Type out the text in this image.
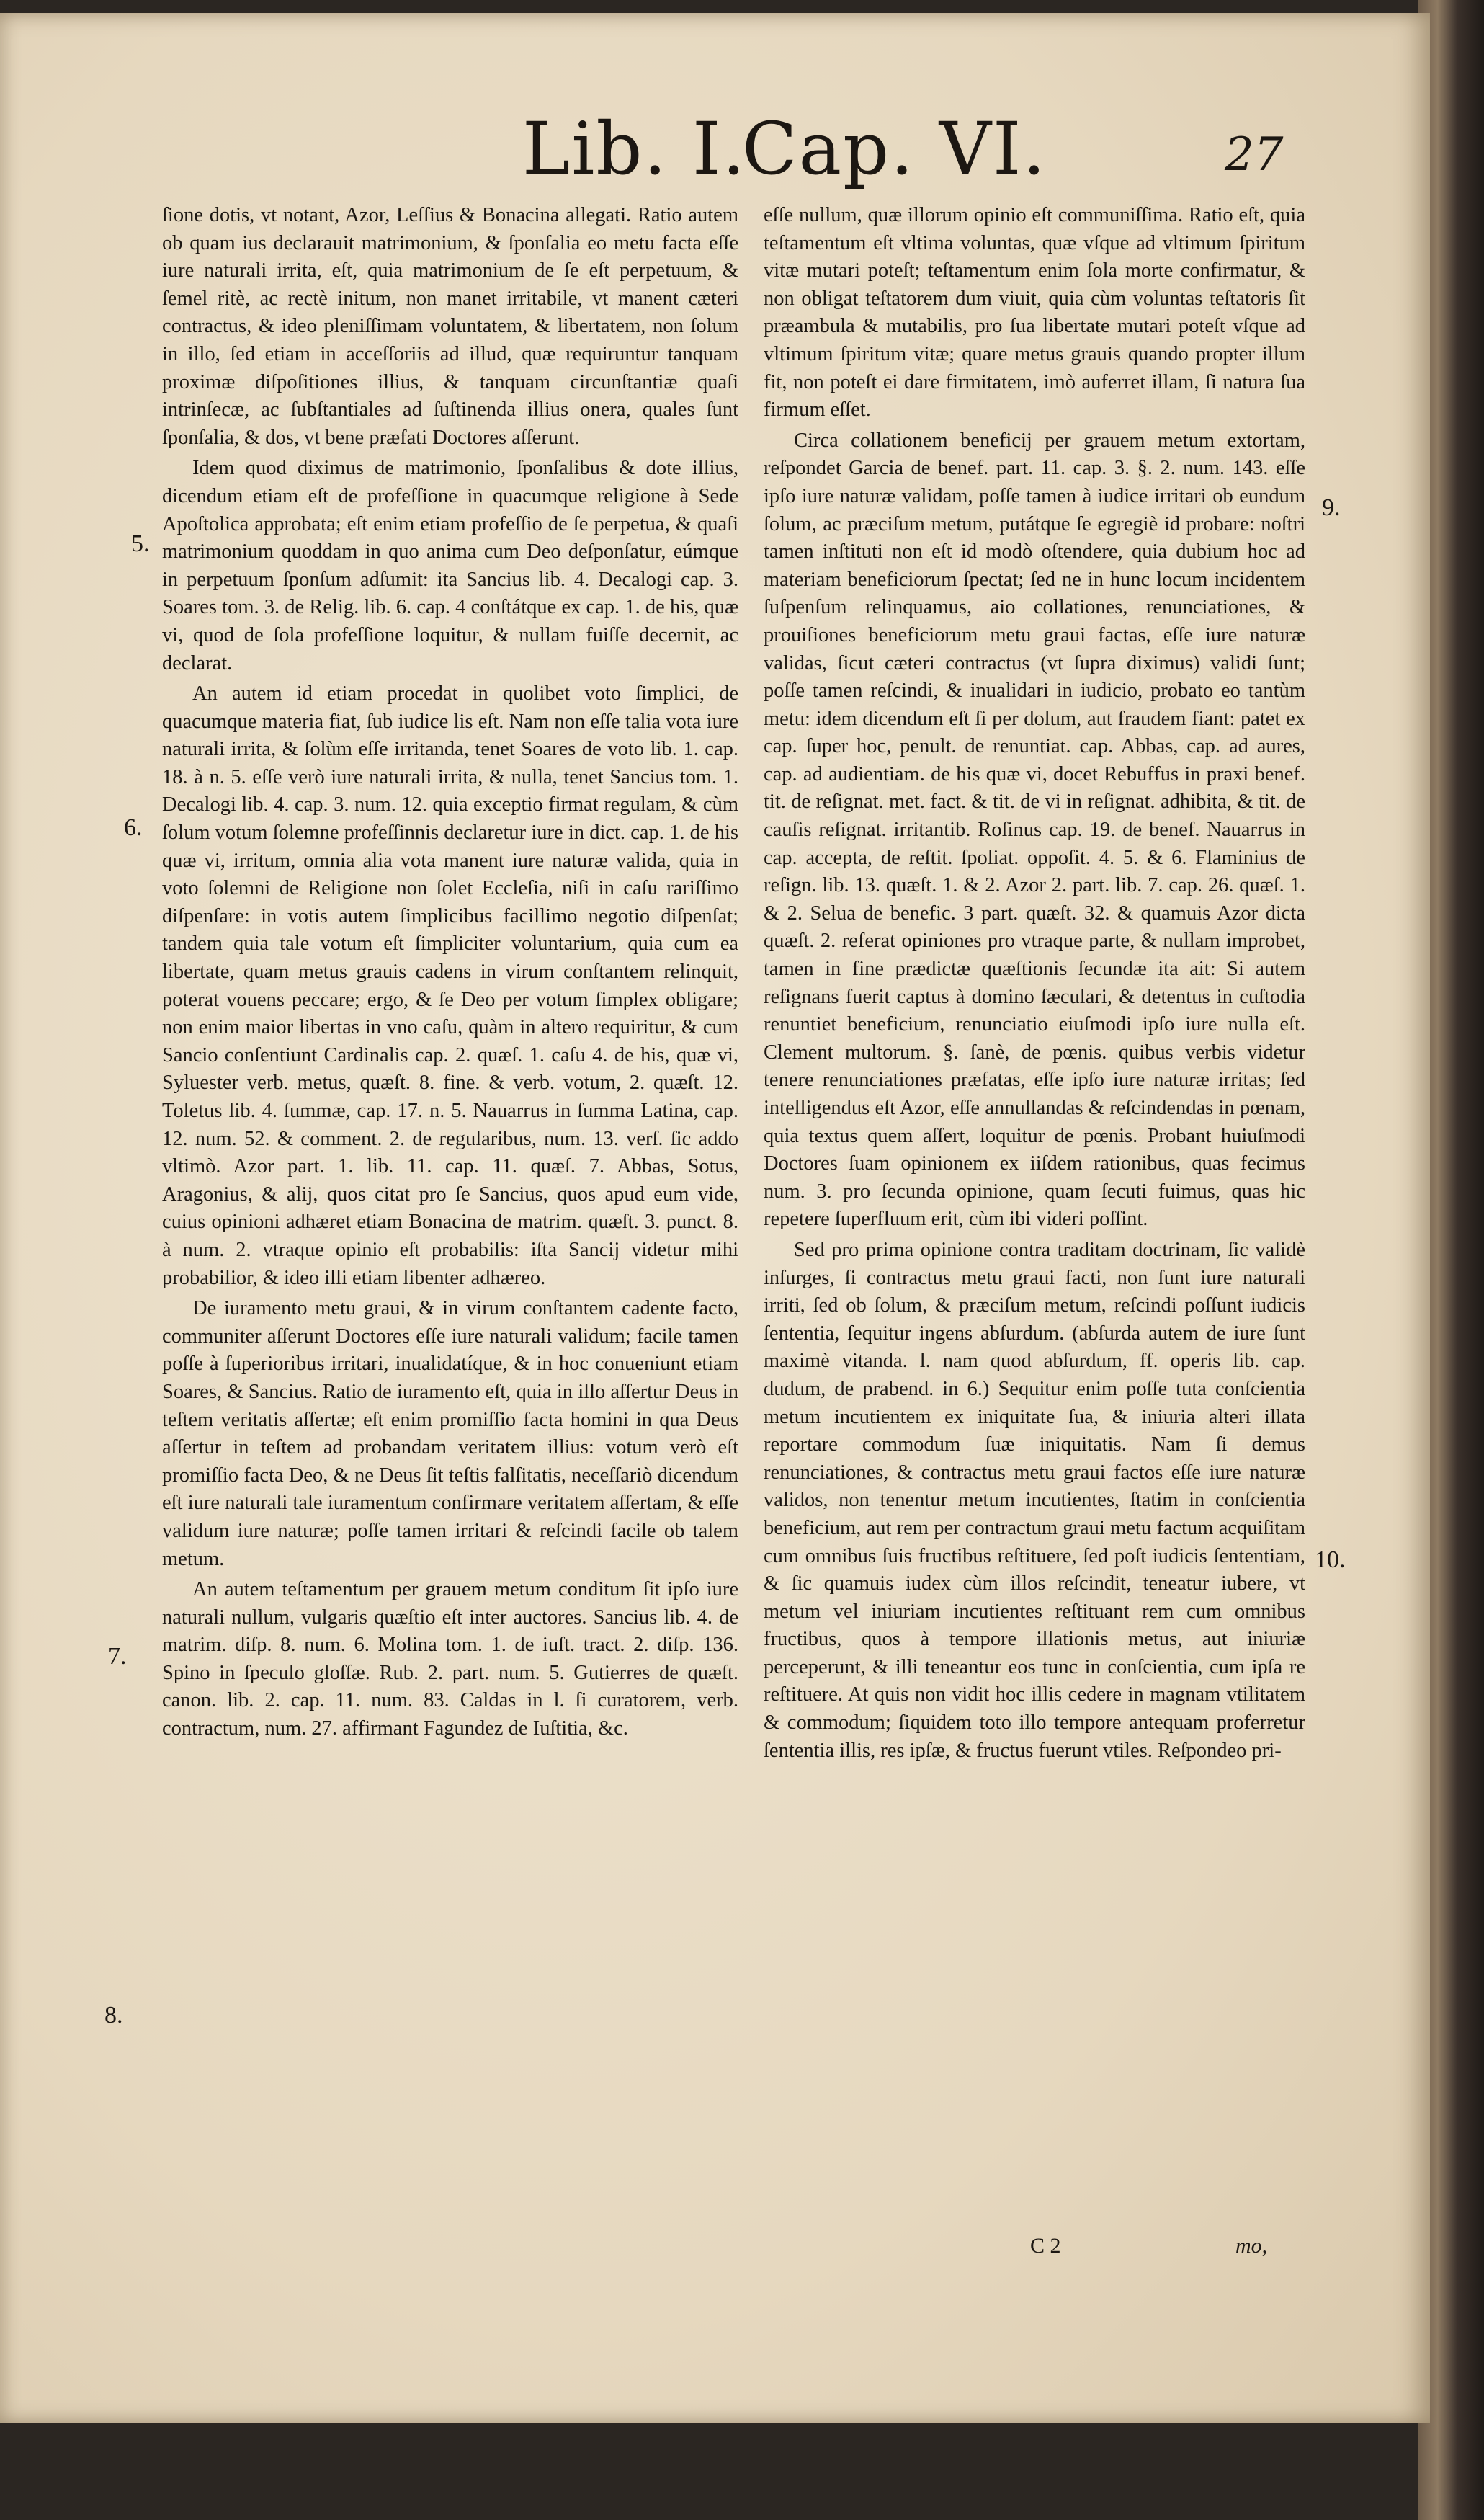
Lib. I.
Cap. VI.	27

ſione dotis, vt notant, Azor, Leſſius & Bonacina allegati. Ratio autem ob quam ius declarauit matrimonium, & ſponſalia eo metu facta eſſe iure naturali irrita, eſt, quia matrimonium de ſe eſt perpetuum, & ſemel ritè, ac rectè initum, non manet irritabile, vt manent cæteri contractus, & ideo pleniſſimam voluntatem, & libertatem, non ſolum in illo, ſed etiam in acceſſoriis ad illud, quæ requiruntur tanquam proximæ diſpoſitiones illius, & tanquam circunſtantiæ quaſi intrinſecæ, ac ſubſtantiales ad ſuſtinenda illius onera, quales ſunt ſponſalia, & dos, vt bene præfati Doctores aſſerunt.

Idem quod diximus de matrimonio, ſponſalibus & dote illius, dicendum etiam eſt de profeſſione in quacumque religione à Sede Apoſtolica approbata; eſt enim etiam profeſſio de ſe perpetua, & quaſi matrimonium quoddam in quo anima cum Deo deſponſatur, eúmque in perpetuum ſponſum adſumit: ita Sancius lib. 4. Decalogi cap. 3. Soares tom. 3. de Relig. lib. 6. cap. 4 conſtátque ex cap. 1. de his, quæ vi, quod de ſola profeſſione loquitur, & nullam fuiſſe decernit, ac declarat.

An autem id etiam procedat in quolibet voto ſimplici, de quacumque materia fiat, ſub iudice lis eſt. Nam non eſſe talia vota iure naturali irrita, & ſolùm eſſe irritanda, tenet Soares de voto lib. 1. cap. 18. à n. 5. eſſe verò iure naturali irrita, & nulla, tenet Sancius tom. 1. Decalogi lib. 4. cap. 3. num. 12. quia exceptio firmat regulam, & cùm ſolum votum ſolemne profeſſinnis declaretur iure in dict. cap. 1. de his quæ vi, irritum, omnia alia vota manent iure naturæ valida, quia in voto ſolemni de Religione non ſolet Eccleſia, niſi in caſu rariſſimo diſpenſare: in votis autem ſimplicibus facillimo negotio diſpenſat; tandem quia tale votum eſt ſimpliciter voluntarium, quia cum ea libertate, quam metus grauis cadens in virum conſtantem relinquit, poterat vouens peccare; ergo, & ſe Deo per votum ſimplex obligare; non enim maior libertas in vno caſu, quàm in altero requiritur, & cum Sancio conſentiunt Cardinalis cap. 2. quæſ. 1. caſu 4. de his, quæ vi, Syluester verb. metus, quæſt. 8. fine. & verb. votum, 2. quæſt. 12. Toletus lib. 4. ſummæ, cap. 17. n. 5. Nauarrus in ſumma Latina, cap. 12. num. 52. & comment. 2. de regularibus, num. 13. verſ. ſic addo vltimò. Azor part. 1. lib. 11. cap. 11. quæſ. 7. Abbas, Sotus, Aragonius, & alij, quos citat pro ſe Sancius, quos apud eum vide, cuius opinioni adhæret etiam Bonacina de matrim. quæſt. 3. punct. 8. à num. 2. vtraque opinio eſt probabilis: iſta Sancij videtur mihi probabilior, & ideo illi etiam libenter adhæreo.

De iuramento metu graui, & in virum conſtantem cadente facto, communiter aſſerunt Doctores eſſe iure naturali validum; facile tamen poſſe à ſuperioribus irritari, inualidatíque, & in hoc conueniunt etiam Soares, & Sancius. Ratio de iuramento eſt, quia in illo aſſertur Deus in teſtem veritatis aſſertæ; eſt enim promiſſio facta homini in qua Deus aſſertur in teſtem ad probandam veritatem illius: votum verò eſt promiſſio facta Deo, & ne Deus ſit teſtis falſitatis, neceſſariò dicendum eſt iure naturali tale iuramentum confirmare veritatem aſſertam, & eſſe validum iure naturæ; poſſe tamen irritari & reſcindi facile ob talem metum.

An autem teſtamentum per grauem metum conditum ſit ipſo iure naturali nullum, vulgaris quæſtio eſt inter auctores. Sancius lib. 4. de matrim. diſp. 8. num. 6. Molina tom. 1. de iuſt. tract. 2. diſp. 136. Spino in ſpeculo gloſſæ. Rub. 2. part. num. 5. Gutierres de quæſt. canon. lib. 2. cap. 11. num. 83. Caldas in l. ſi curatorem, verb. contractum, num. 27. affirmant Fagundez de Iuſtitia, &c.

5.
6.
7.
8.

eſſe nullum, quæ illorum opinio eſt communiſſima. Ratio eſt, quia teſtamentum eſt vltima voluntas, quæ vſque ad vltimum ſpiritum vitæ mutari poteſt; teſtamentum enim ſola morte confirmatur, & non obligat teſtatorem dum viuit, quia cùm voluntas teſtatoris ſit præambula & mutabilis, pro ſua libertate mutari poteſt vſque ad vltimum ſpiritum vitæ; quare metus grauis quando propter illum fit, non poteſt ei dare firmitatem, imò auferret illam, ſi natura ſua firmum eſſet.

Circa collationem beneficij per grauem metum extortam, reſpondet Garcia de benef. part. 11. cap. 3. §. 2. num. 143. eſſe ipſo iure naturæ validam, poſſe tamen à iudice irritari ob eundum ſolum, ac præciſum metum, putátque ſe egregiè id probare: noſtri tamen inſtituti non eſt id modò oſtendere, quia dubium hoc ad materiam beneficiorum ſpectat; ſed ne in hunc locum incidentem ſuſpenſum relinquamus, aio collationes, renunciationes, & prouiſiones beneficiorum metu graui factas, eſſe iure naturæ validas, ſicut cæteri contractus (vt ſupra diximus) validi ſunt; poſſe tamen reſcindi, & inualidari in iudicio, probato eo tantùm metu: idem dicendum eſt ſi per dolum, aut fraudem fiant: patet ex cap. ſuper hoc, penult. de renuntiat. cap. Abbas, cap. ad aures, cap. ad audientiam. de his quæ vi, docet Rebuffus in praxi benef. tit. de reſignat. met. fact. & tit. de vi in reſignat. adhibita, & tit. de cauſis reſignat. irritantib. Roſinus cap. 19. de benef. Nauarrus in cap. accepta, de reſtit. ſpoliat. oppoſit. 4. 5. & 6. Flaminius de reſign. lib. 13. quæſt. 1. & 2. Azor 2. part. lib. 7. cap. 26. quæſ. 1. & 2. Selua de benefic. 3 part. quæſt. 32. & quamuis Azor dicta quæſt. 2. referat opiniones pro vtraque parte, & nullam improbet, tamen in fine prædictæ quæſtionis ſecundæ ita ait: Si autem reſignans fuerit captus à domino ſæculari, & detentus in cuſtodia renuntiet beneficium, renunciatio eiuſmodi ipſo iure nulla eſt. Clement multorum. §. ſanè, de pœnis. quibus verbis videtur tenere renunciationes præfatas, eſſe ipſo iure naturæ irritas; ſed intelligendus eſt Azor, eſſe annullandas & reſcindendas in pœnam, quia textus quem aſſert, loquitur de pœnis. Probant huiuſmodi Doctores ſuam opinionem ex iiſdem rationibus, quas fecimus num. 3. pro ſecunda opinione, quam ſecuti fuimus, quas hic repetere ſuperfluum erit, cùm ibi videri poſſint.

Sed pro prima opinione contra traditam doctrinam, ſic validè inſurges, ſi contractus metu graui facti, non ſunt iure naturali irriti, ſed ob ſolum, & præciſum metum, reſcindi poſſunt iudicis ſententia, ſequitur ingens abſurdum. (abſurda autem de iure ſunt maximè vitanda. l. nam quod abſurdum, ff. operis lib. cap. dudum, de prabend. in 6.) Sequitur enim poſſe tuta conſcientia metum incutientem ex iniquitate ſua, & iniuria alteri illata reportare commodum ſuæ iniquitatis. Nam ſi demus renunciationes, & contractus metu graui factos eſſe iure naturæ validos, non tenentur metum incutientes, ſtatim in conſcientia beneficium, aut rem per contractum graui metu factum acquiſitam cum omnibus ſuis fructibus reſtituere, ſed poſt iudicis ſententiam, & ſic quamuis iudex cùm illos reſcindit, teneatur iubere, vt metum vel iniuriam incutientes reſtituant rem cum omnibus fructibus, quos à tempore illationis metus, aut iniuriæ perceperunt, & illi teneantur eos tunc in conſcientia, cum ipſa re reſtituere. At quis non vidit hoc illis cedere in magnam vtilitatem & commodum; ſiquidem toto illo tempore antequam proferretur ſententia illis, res ipſæ, & fructus fuerunt vtiles. Reſpondeo pri-

9.
10.
C 2	mo,
